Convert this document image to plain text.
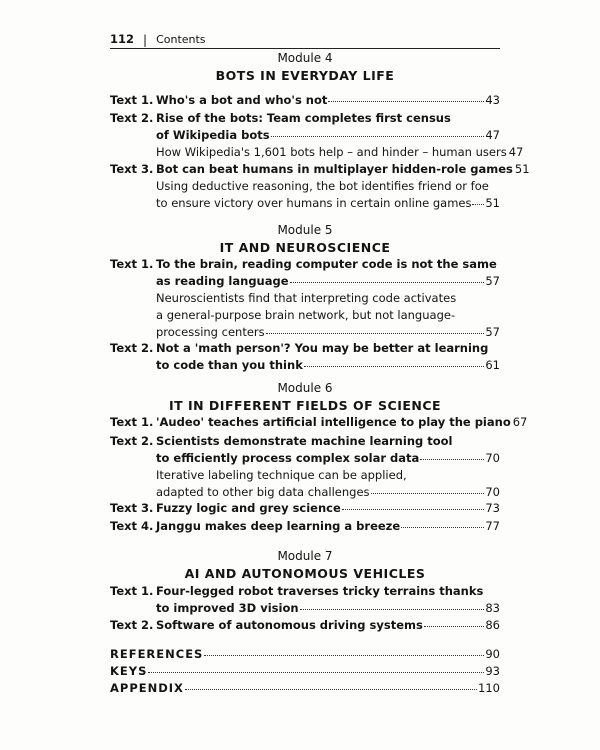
112 | Contents
Module 4
BOTS IN EVERYDAY LIFE
Text 1. Who's a bot and who's not	43
Text 2. Rise of the bots: Team completes first census
of Wikipedia bots	47
How Wikipedia's 1,601 bots help – and hinder – human users 47
Text 3. Bot can beat humans in multiplayer hidden-role games 51
Using deductive reasoning, the bot identifies friend or foe
to ensure victory over humans in certain online games 51
Module 5
IT AND NEUROSCIENCE
Text 1. To the brain, reading computer code is not the same
as reading language	57
Neuroscientists find that interpreting code activates
a general-purpose brain network, but not language-
processing centers	57
Text 2. Not a 'math person'? You may be better at learning
to code than you think	61
Module 6
IT IN DIFFERENT FIELDS OF SCIENCE
Text 1. 'Audeo' teaches artificial intelligence to play the piano 67
Text 2. Scientists demonstrate machine learning tool
to efficiently process complex solar data	70
Iterative labeling technique can be applied,
adapted to other big data challenges	70
Text 3. Fuzzy logic and grey science	73
Text 4. Janggu makes deep learning a breeze	77
Module 7
AI AND AUTONOMOUS VEHICLES
Text 1. Four-legged robot traverses tricky terrains thanks
to improved 3D vision	83
Text 2. Software of autonomous driving systems	86
REFERENCES	90
KEYS	93
APPENDIX	110
